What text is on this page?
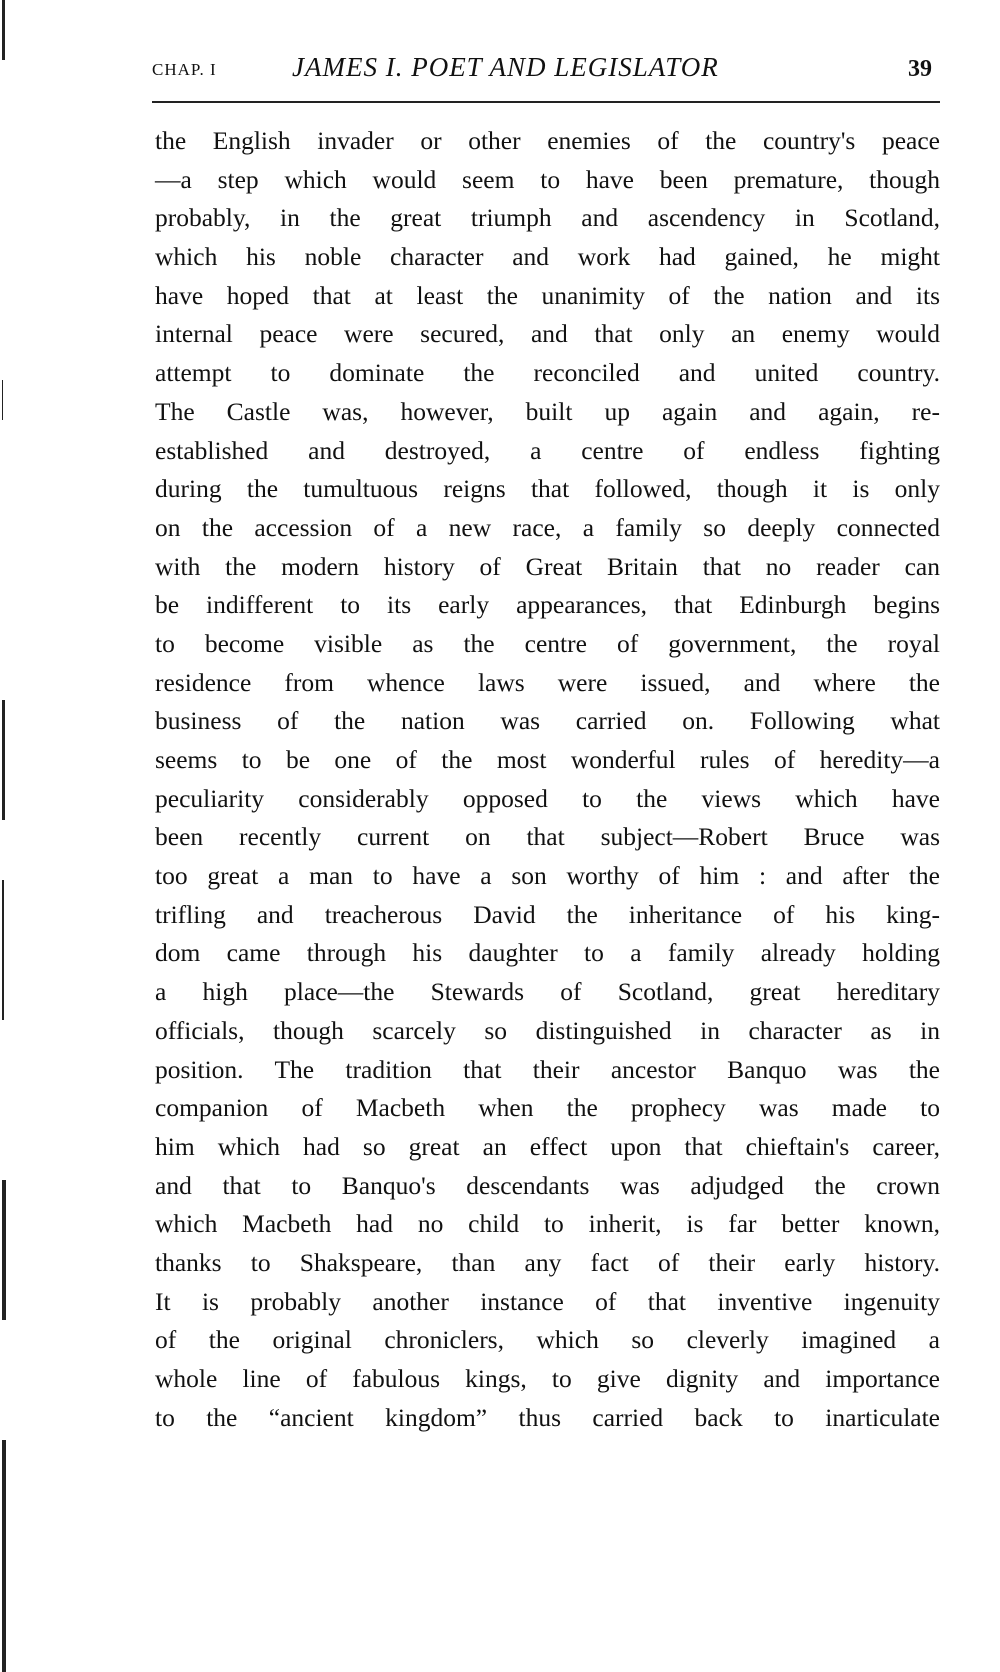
CHAP. I	JAMES I. POET AND LEGISLATOR	39
the English invader or other enemies of the country's peace
—a step which would seem to have been premature, though
probably, in the great triumph and ascendency in Scotland,
which his noble character and work had gained, he might
have hoped that at least the unanimity of the nation and its
internal peace were secured, and that only an enemy would
attempt to dominate the reconciled and united country.
The Castle was, however, built up again and again, re-
established and destroyed, a centre of endless fighting
during the tumultuous reigns that followed, though it is only
on the accession of a new race, a family so deeply connected
with the modern history of Great Britain that no reader can
be indifferent to its early appearances, that Edinburgh begins
to become visible as the centre of government, the royal
residence from whence laws were issued, and where the
business of the nation was carried on. Following what
seems to be one of the most wonderful rules of heredity—a
peculiarity considerably opposed to the views which have
been recently current on that subject—Robert Bruce was
too great a man to have a son worthy of him : and after the
trifling and treacherous David the inheritance of his king-
dom came through his daughter to a family already holding
a high place—the Stewards of Scotland, great hereditary
officials, though scarcely so distinguished in character as in
position. The tradition that their ancestor Banquo was the
companion of Macbeth when the prophecy was made to
him which had so great an effect upon that chieftain's career,
and that to Banquo's descendants was adjudged the crown
which Macbeth had no child to inherit, is far better known,
thanks to Shakspeare, than any fact of their early history.
It is probably another instance of that inventive ingenuity
of the original chroniclers, which so cleverly imagined a
whole line of fabulous kings, to give dignity and importance
to the “ancient kingdom” thus carried back to inarticulate
